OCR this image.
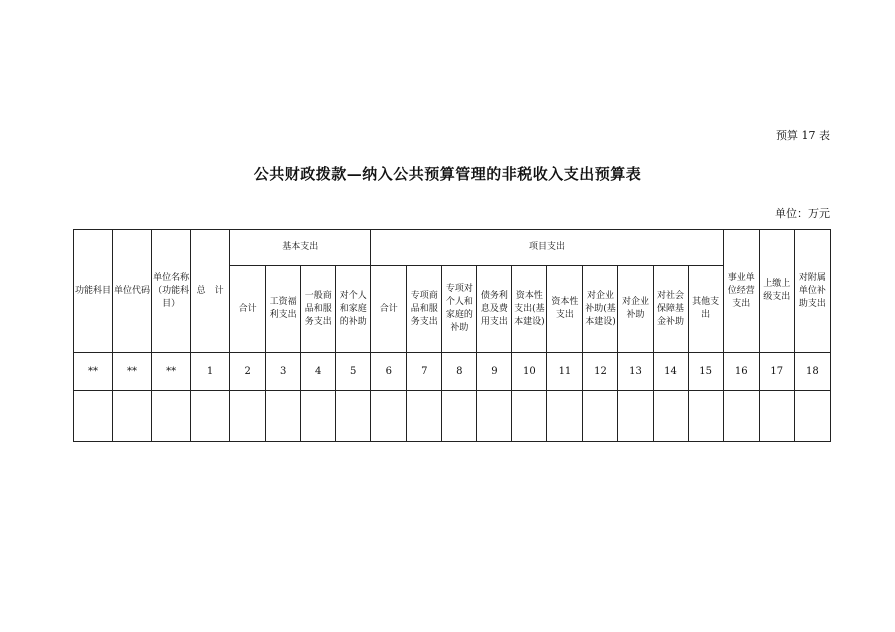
预算 17 表
公共财政拨款—纳入公共预算管理的非税收入支出预算表
单位：万元
功能科目	单位代码	单位名称（功能科目）	总　计	基本支出				项目支出										事业单位经营支出	上缴上级支出	对附属单位补助支出
				合计	工资福利支出	一般商品和服务支出	对个人和家庭的补助	合计	专项商品和服务支出	专项对个人和家庭的补助	债务利息及费用支出	资本性支出(基本建设)	资本性支出	对企业补助(基本建设)	对企业补助	对社会保障基金补助	其他支出			
**	**	**	1	2	3	4	5	6	7	8	9	10	11	12	13	14	15	16	17	18
